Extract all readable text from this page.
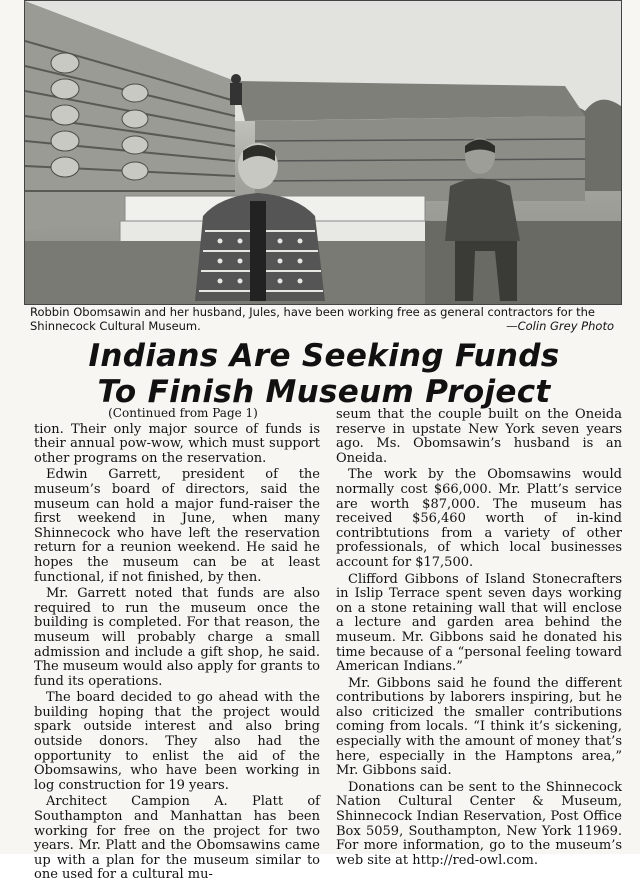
Robbin Obomsawin and her husband, Jules, have been working free as general contractors for the Shinnecock Cultural Museum.	—Colin Grey Photo
Indians Are Seeking Funds
To Finish Museum Project

(Continued from Page 1)

tion. Their only major source of funds is their annual pow-wow, which must support other programs on the reservation.

Edwin Garrett, president of the museum’s board of directors, said the museum can hold a major fund-raiser the first weekend in June, when many Shinnecock who have left the reservation return for a reunion weekend. He said he hopes the museum can be at least functional, if not finished, by then.

Mr. Garrett noted that funds are also required to run the museum once the building is completed. For that reason, the museum will probably charge a small admission and include a gift shop, he said. The museum would also apply for grants to fund its operations.

The board decided to go ahead with the building hoping that the project would spark outside interest and also bring outside donors. They also had the opportunity to enlist the aid of the Obomsawins, who have been working in log construction for 19 years.

Architect Campion A. Platt of Southampton and Manhattan has been working for free on the project for two years. Mr. Platt and the Obomsawins came up with a plan for the museum similar to one used for a cultural mu-

seum that the couple built on the Oneida reserve in upstate New York seven years ago. Ms. Obomsawin’s husband is an Oneida.

The work by the Obomsawins would normally cost $66,000. Mr. Platt’s service are worth $87,000. The museum has received $56,460 worth of in-kind contribtutions from a variety of other professionals, of which local businesses account for $17,500.

Clifford Gibbons of Island Stonecrafters in Islip Terrace spent seven days working on a stone retaining wall that will enclose a lecture and garden area behind the museum. Mr. Gibbons said he donated his time because of a “personal feeling toward American Indians.”

Mr. Gibbons said he found the different contributions by laborers inspiring, but he also criticized the smaller contributions coming from locals. “I think it’s sickening, especially with the amount of money that’s here, especially in the Hamptons area,” Mr. Gibbons said.

Donations can be sent to the Shinnecock Nation Cultural Center & Museum, Shinnecock Indian Reservation, Post Office Box 5059, Southampton, New York 11969. For more information, go to the museum’s web site at http://red-owl.com.
